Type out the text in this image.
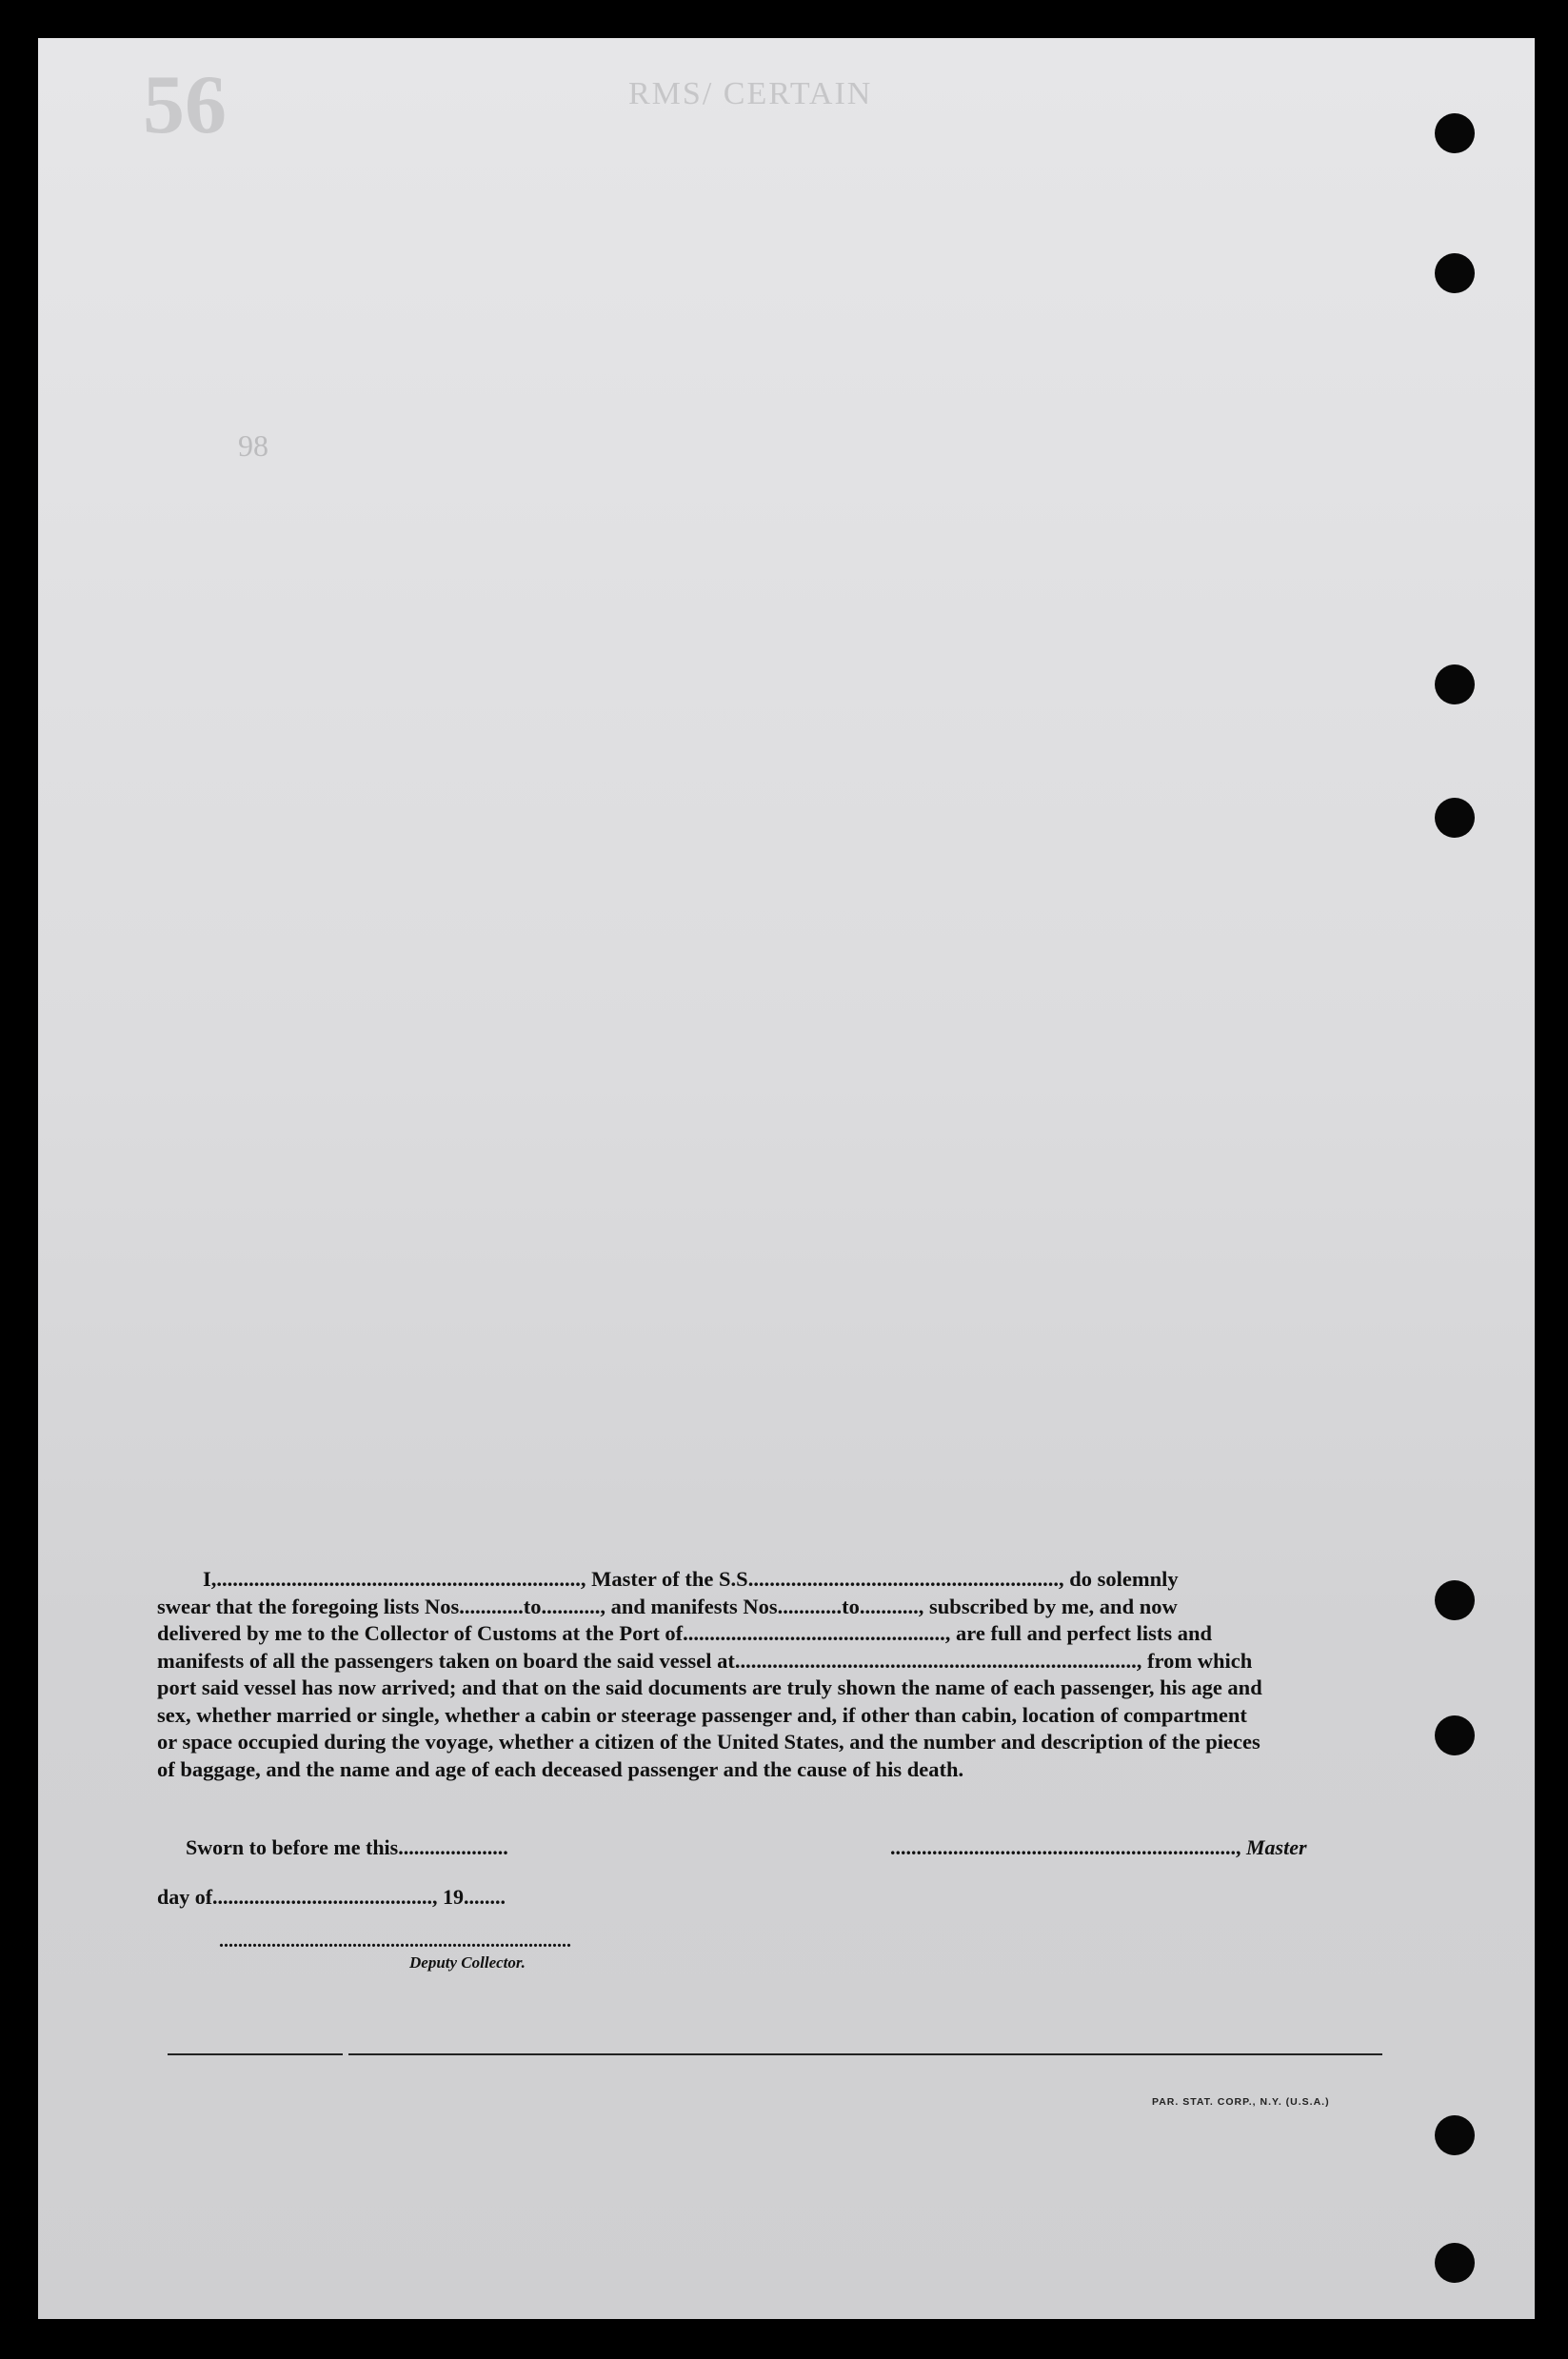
56	RMS/ CERTAIN
98
I,...................................................................., Master of the S.S.........................................................., do solemnly
swear that the foregoing lists Nos............to..........., and manifests Nos............to..........., subscribed by me, and now
delivered by me to the Collector of Customs at the Port of................................................., are full and perfect lists and
manifests of all the passengers taken on board the said vessel at..........................................................................., from which
port said vessel has now arrived; and that on the said documents are truly shown the name of each passenger, his age and
sex, whether married or single, whether a cabin or steerage passenger and, if other than cabin, location of compartment
or space occupied during the voyage, whether a citizen of the United States, and the number and description of the pieces
of baggage, and the name and age of each deceased passenger and the cause of his death.
Sworn to before me this.....................	.................................................................., Master
day of.........................................., 19........
..........................................................................
Deputy Collector.
PAR. STAT. CORP., N.Y. (U.S.A.)
